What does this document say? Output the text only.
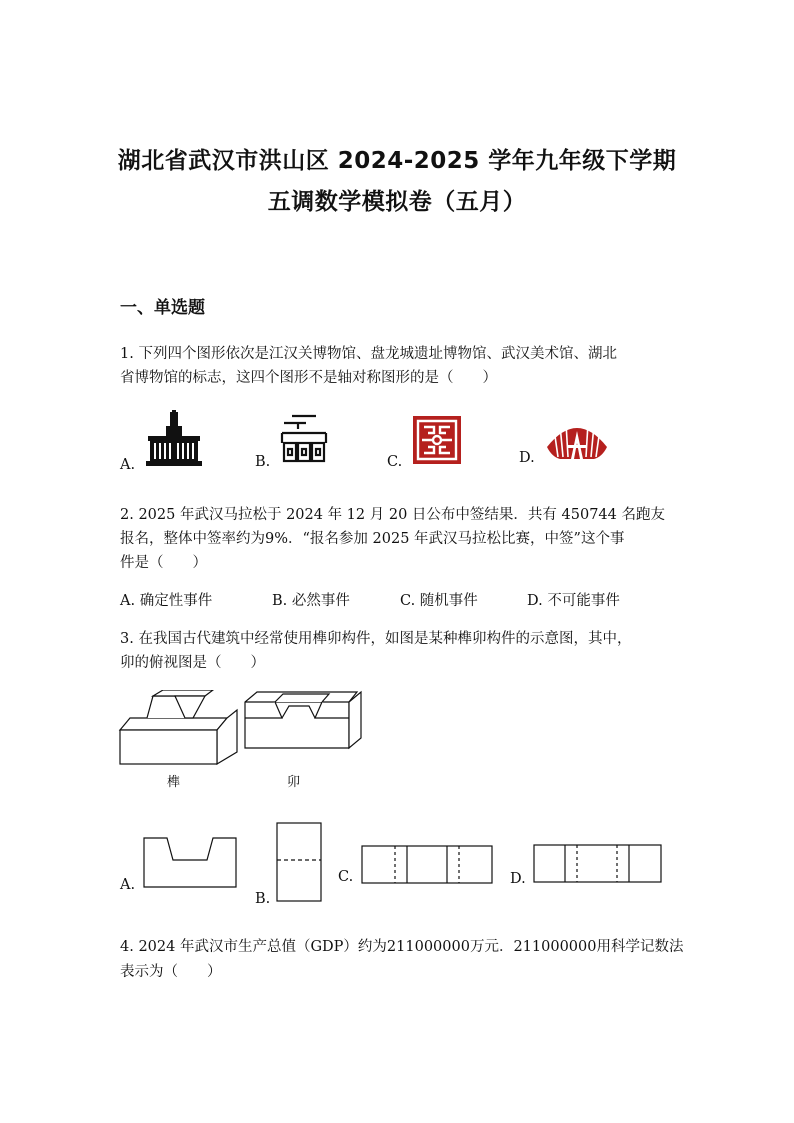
湖北省武汉市洪山区 2024-2025 学年九年级下学期
五调数学模拟卷（五月）
一、单选题
1. 下列四个图形依次是江汉关博物馆、盘龙城遗址博物馆、武汉美术馆、湖北
省博物馆的标志，这四个图形不是轴对称图形的是（　　）
A.	B.	C.	D.
2. 2025 年武汉马拉松于 2024 年 12 月 20 日公布中签结果．共有 450744 名跑友
报名，整体中签率约为9%．“报名参加 2025 年武汉马拉松比赛，中签”这个事
件是（　　）
A. 确定性事件	B. 必然事件	C. 随机事件	D. 不可能事件
3. 在我国古代建筑中经常使用榫卯构件，如图是某种榫卯构件的示意图，其中，
卯的俯视图是（　　）
榫	卯
A.
B.
C.	D.
4. 2024 年武汉市生产总值（GDP）约为211000000万元．211000000用科学记数法
表示为（　　）
